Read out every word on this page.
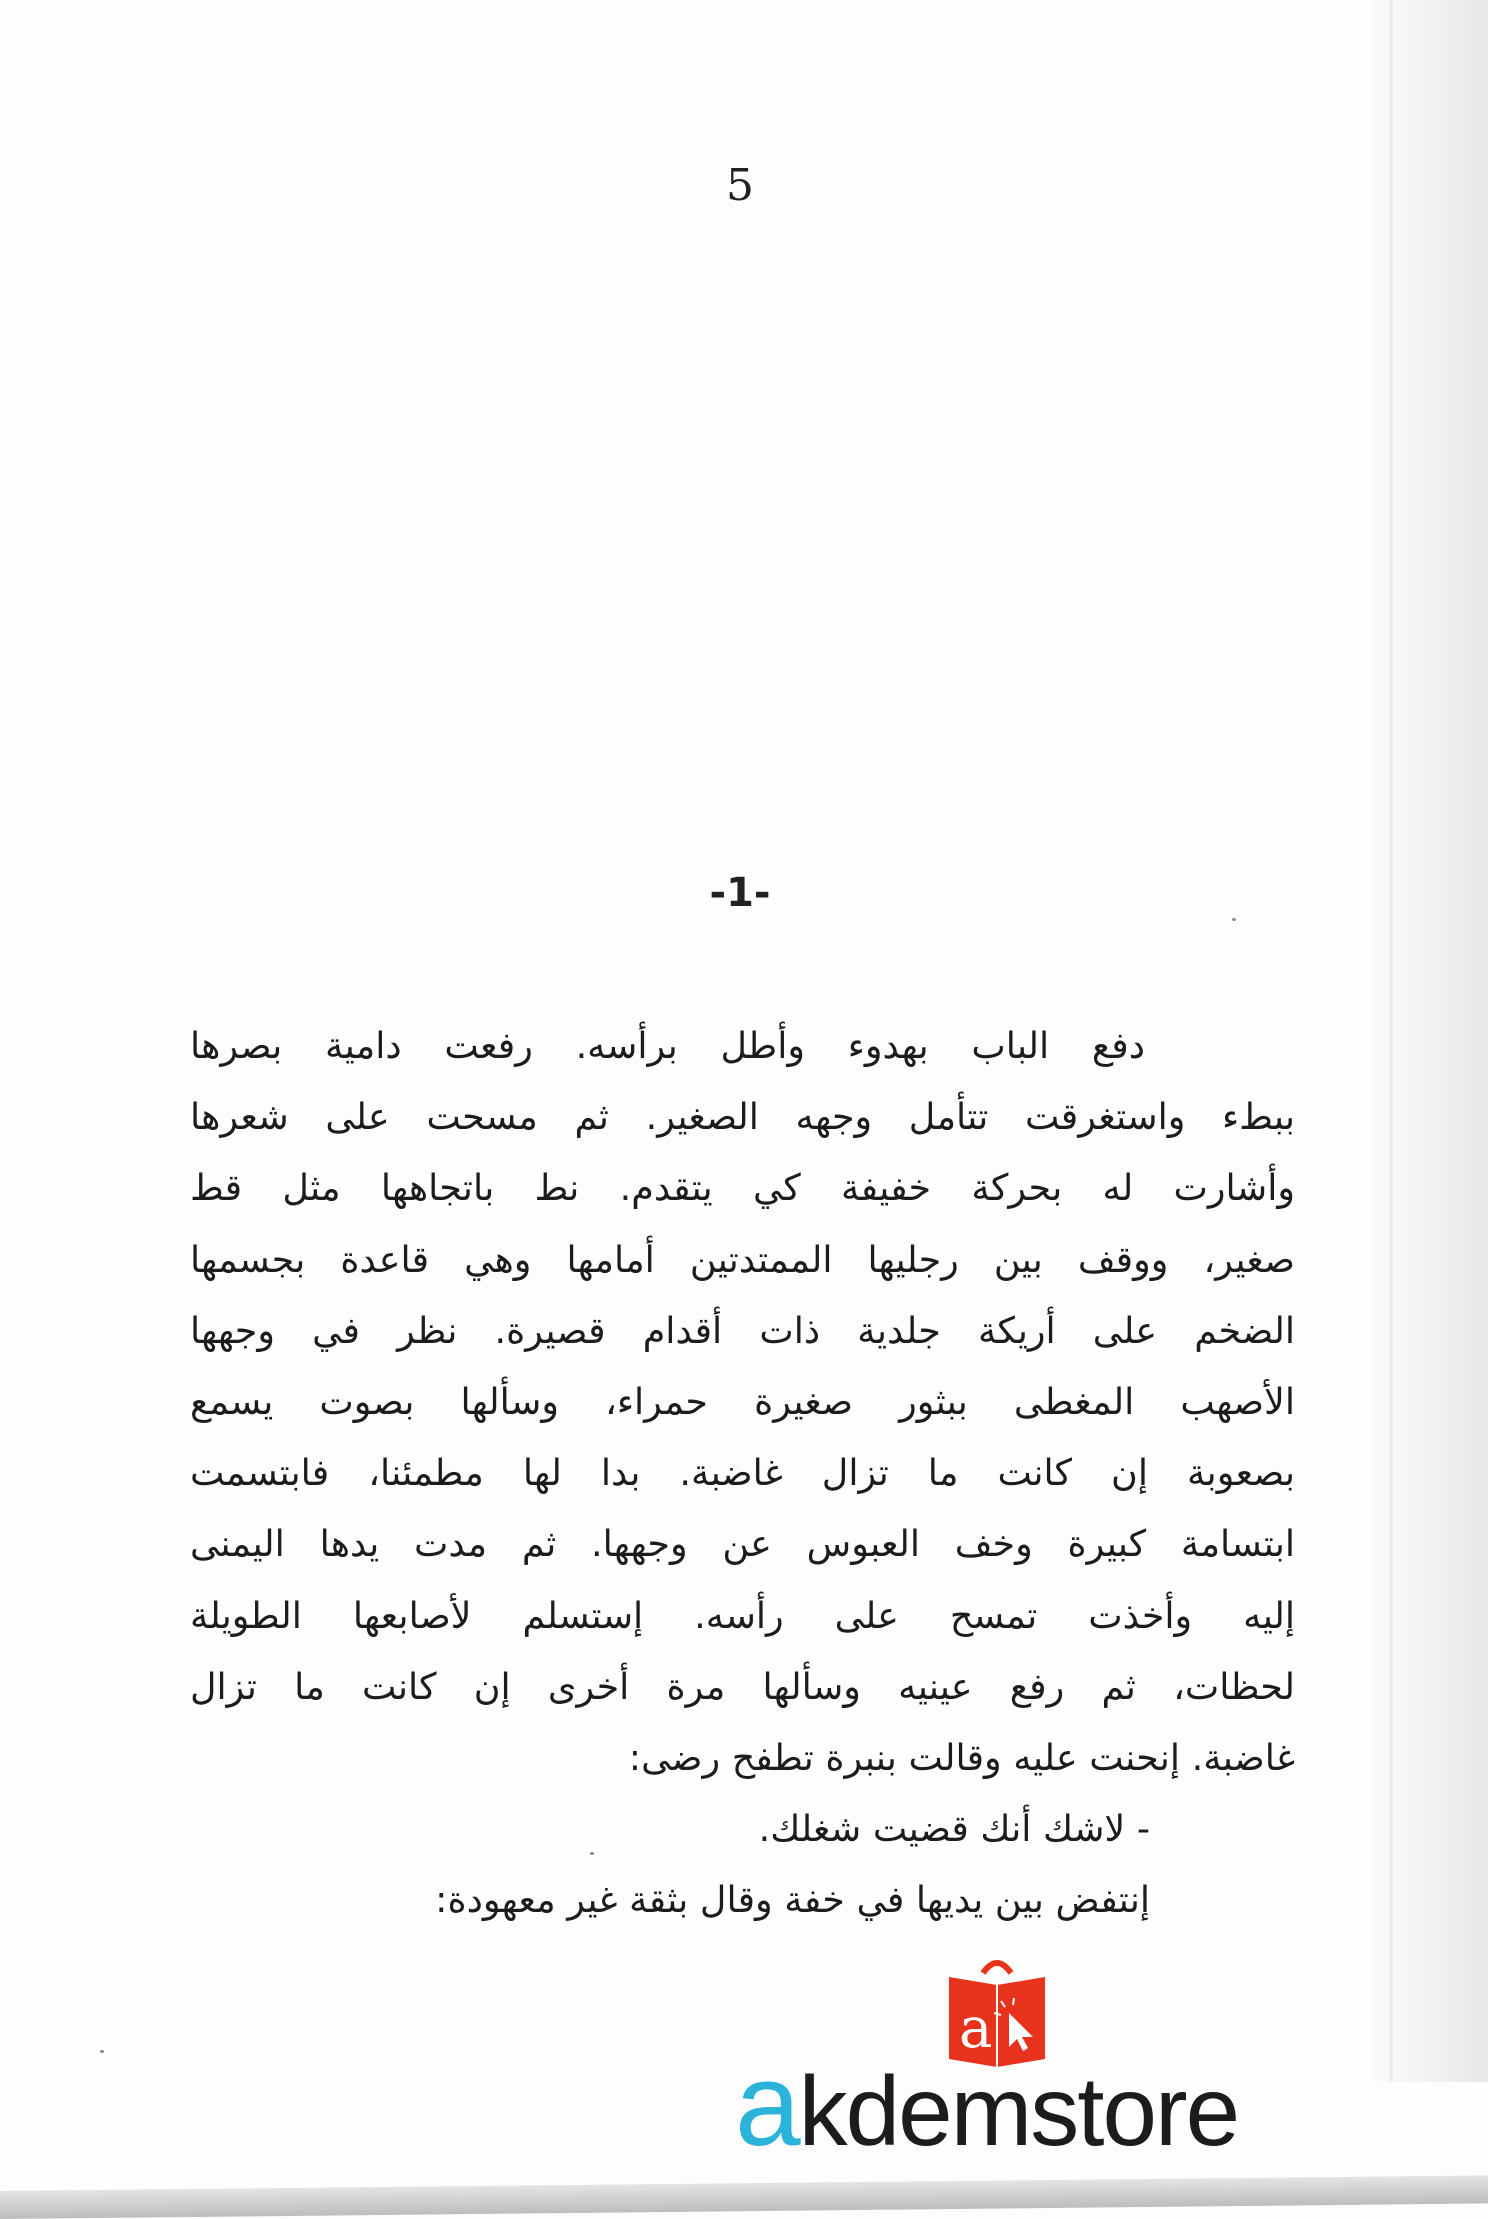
5
-1-
دفع الباب بهدوء وأطل برأسه. رفعت دامية بصرها
ببطء واستغرقت تتأمل وجهه الصغير. ثم مسحت على شعرها
وأشارت له بحركة خفيفة كي يتقدم. نط باتجاهها مثل قط
صغير، ووقف بين رجليها الممتدتين أمامها وهي قاعدة بجسمها
الضخم على أريكة جلدية ذات أقدام قصيرة. نظر في وجهها
الأصهب المغطى ببثور صغيرة حمراء، وسألها بصوت يسمع
بصعوبة إن كانت ما تزال غاضبة. بدا لها مطمئنا، فابتسمت
ابتسامة كبيرة وخف العبوس عن وجهها. ثم مدت يدها اليمنى
إليه وأخذت تمسح على رأسه. إستسلم لأصابعها الطويلة
لحظات، ثم رفع عينيه وسألها مرة أخرى إن كانت ما تزال
غاضبة. إنحنت عليه وقالت بنبرة تطفح رضى:
- لاشك أنك قضيت شغلك.
إنتفض بين يديها في خفة وقال بثقة غير معهودة:
a
akdemstore
